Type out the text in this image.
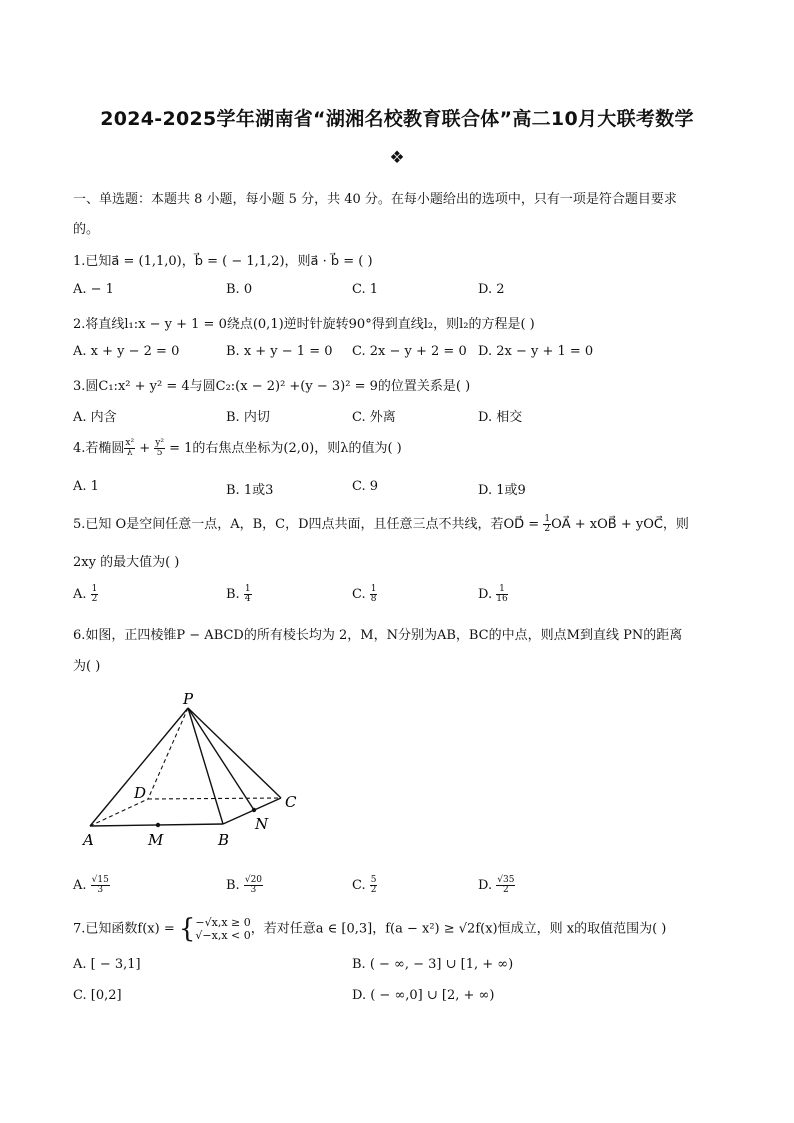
2024-2025学年湖南省“湖湘名校教育联合体”高二10月大联考数学
❖
一、单选题：本题共 8 小题，每小题 5 分，共 40 分。在每小题给出的选项中，只有一项是符合题目要求
的。
1.已知a⃗ = (1,1,0)，b⃗ = ( − 1,1,2)，则a⃗ · b⃗ = ( )
A. − 1	B. 0	C. 1	D. 2
2.将直线l₁:x − y + 1 = 0绕点(0,1)逆时针旋转90°得到直线l₂，则l₂的方程是( )
A. x + y − 2 = 0	B. x + y − 1 = 0 C. 2x − y + 2 = 0 D. 2x − y + 1 = 0
3.圆C₁:x² + y² = 4与圆C₂:(x − 2)² +(y − 3)² = 9的位置关系是( )
A. 内含	B. 内切	C. 外离	D. 相交
4.若椭圆 $\frac{\text{x²}}{\lambda} + \frac{\text{y²}}{5} = 1$的右焦点坐标为(2,0)，则λ的值为( )
A. 1	B. 1或3	C. 9	D. 1或9
5.已知 O是空间任意一点，A，B，C，D四点共面，且任意三点不共线，若OD⃗ = $\frac{1}{2}$ OA⃗ + xOB⃗ + yOC⃗，则
2xy 的最大值为( )
A. $\frac{1}{2}$	B. $\frac{1}{4}$	C. $\frac{1}{8}$	D. $\frac{1}{16}$
6.如图，正四棱锥P − ABCD的所有棱长均为 2，M，N分别为AB，BC的中点，则点M到直线 PN的距离
为( )
P
D	C
A	M	B
N
A. $\frac{√15}{3}$	B. $\frac{√20}{3}$	C. $\frac{5}{2}$	D. $\frac{√35}{2}$
7.已知函数f(x) = { −√x,x ≥ 0
√−x,x < 0 ，若对任意a ∈ [0,3]，f(a − x²) ≥ √2f(x)恒成立，则 x的取值范围为( )
A. [ − 3,1]	B. ( − ∞, − 3] ∪ [1, + ∞)
C. [0,2]	D. ( − ∞,0] ∪ [2, + ∞)
